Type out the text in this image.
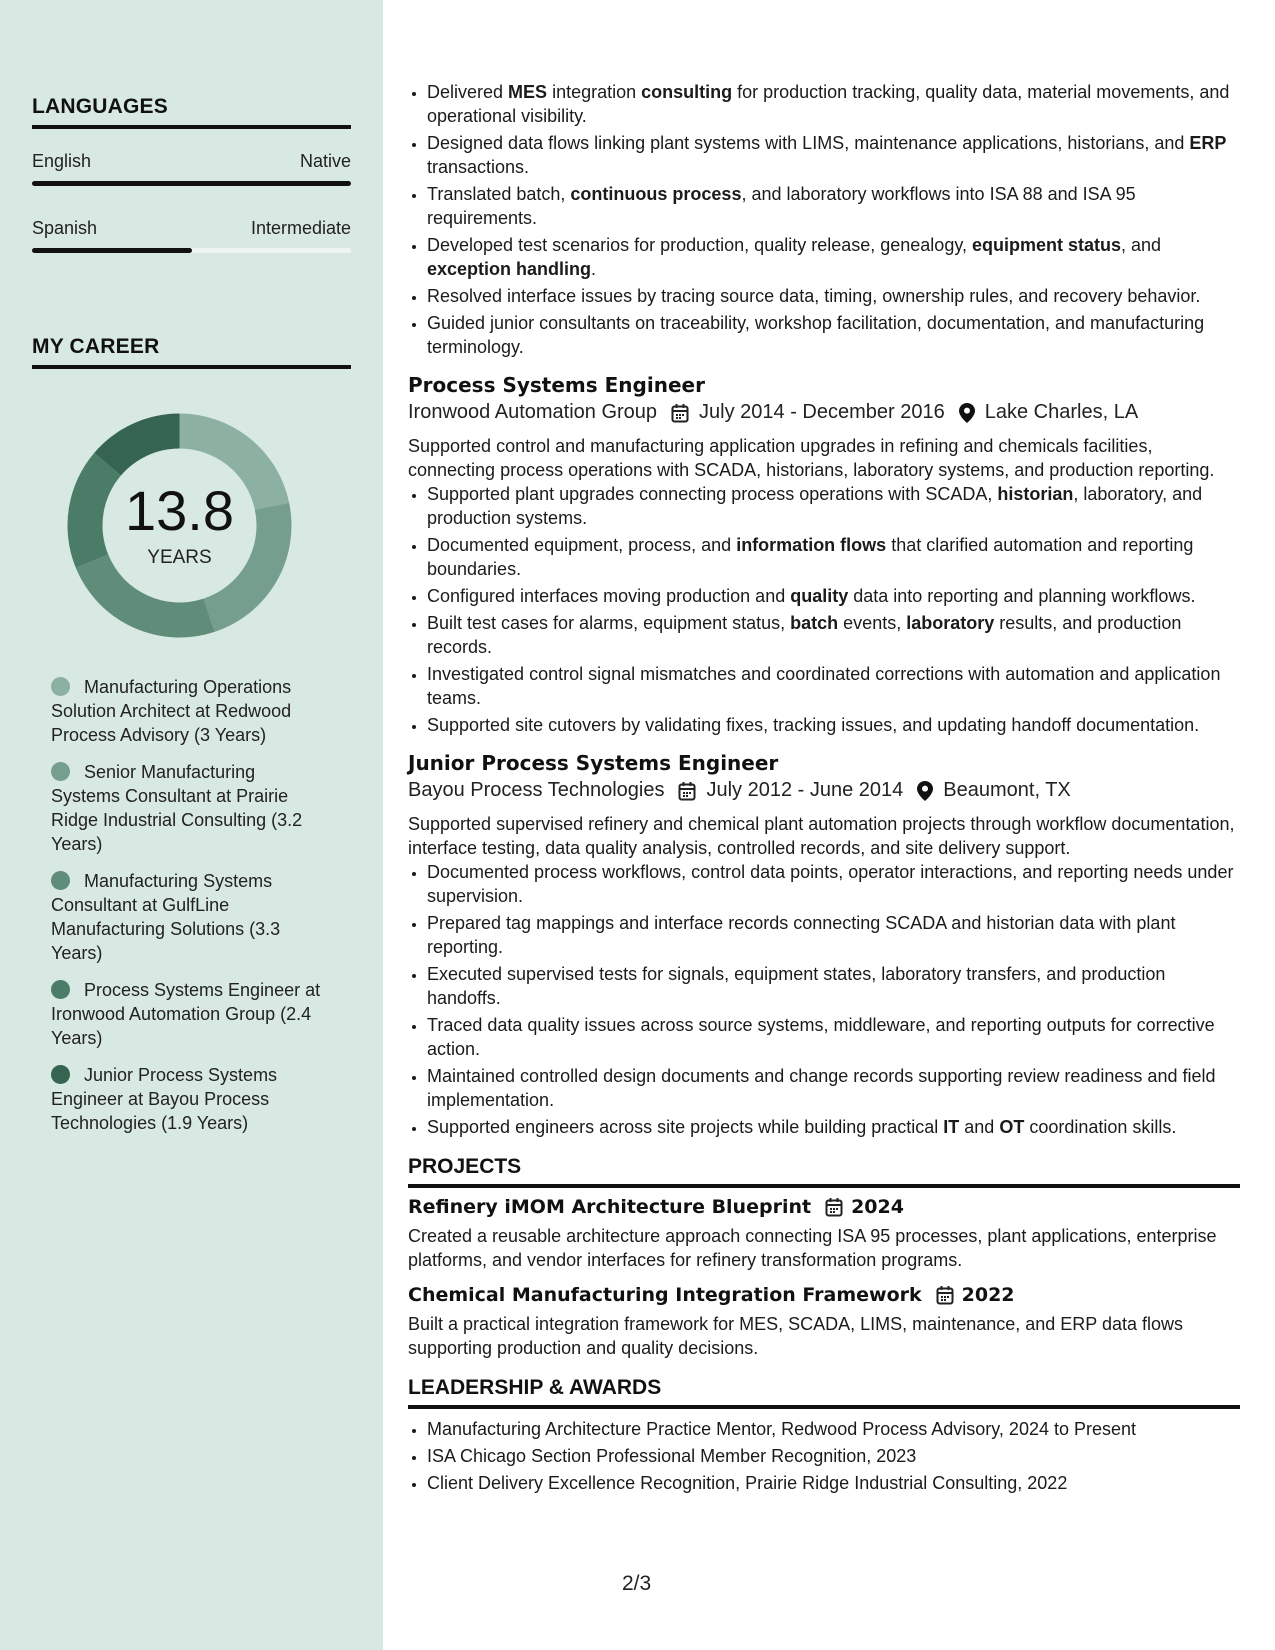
LANGUAGES
English	Native
Spanish	Intermediate
MY CAREER
13.8
YEARS
Manufacturing Operations Solution Architect at Redwood Process Advisory (3 Years)
Senior Manufacturing Systems Consultant at Prairie Ridge Industrial Consulting (3.2 Years)
Manufacturing Systems Consultant at GulfLine Manufacturing Solutions (3.3 Years)
Process Systems Engineer at Ironwood Automation Group (2.4 Years)
Junior Process Systems Engineer at Bayou Process Technologies (1.9 Years)
• Delivered MES integration consulting for production tracking, quality data, material movements, and operational visibility.
• Designed data flows linking plant systems with LIMS, maintenance applications, historians, and ERP transactions.
• Translated batch, continuous process, and laboratory workflows into ISA 88 and ISA 95 requirements.
• Developed test scenarios for production, quality release, genealogy, equipment status, and exception handling.
• Resolved interface issues by tracing source data, timing, ownership rules, and recovery behavior.
• Guided junior consultants on traceability, workshop facilitation, documentation, and manufacturing terminology.
Process Systems Engineer
Ironwood Automation Group July 2014 - December 2016 Lake Charles, LA

Supported control and manufacturing application upgrades in refining and chemicals facilities, connecting process operations with SCADA, historians, laboratory systems, and production reporting.

• Supported plant upgrades connecting process operations with SCADA, historian, laboratory, and production systems.
• Documented equipment, process, and information flows that clarified automation and reporting boundaries.
• Configured interfaces moving production and quality data into reporting and planning workflows.
• Built test cases for alarms, equipment status, batch events, laboratory results, and production records.
• Investigated control signal mismatches and coordinated corrections with automation and application teams.
• Supported site cutovers by validating fixes, tracking issues, and updating handoff documentation.
Junior Process Systems Engineer
Bayou Process Technologies July 2012 - June 2014 Beaumont, TX

Supported supervised refinery and chemical plant automation projects through workflow documentation, interface testing, data quality analysis, controlled records, and site delivery support.

• Documented process workflows, control data points, operator interactions, and reporting needs under supervision.
• Prepared tag mappings and interface records connecting SCADA and historian data with plant reporting.
• Executed supervised tests for signals, equipment states, laboratory transfers, and production handoffs.
• Traced data quality issues across source systems, middleware, and reporting outputs for corrective action.
• Maintained controlled design documents and change records supporting review readiness and field implementation.
• Supported engineers across site projects while building practical IT and OT coordination skills.
PROJECTS
Refinery iMOM Architecture Blueprint 2024

Created a reusable architecture approach connecting ISA 95 processes, plant applications, enterprise platforms, and vendor interfaces for refinery transformation programs.

Chemical Manufacturing Integration Framework 2022

Built a practical integration framework for MES, SCADA, LIMS, maintenance, and ERP data flows supporting production and quality decisions.

LEADERSHIP & AWARDS
• Manufacturing Architecture Practice Mentor, Redwood Process Advisory, 2024 to Present
• ISA Chicago Section Professional Member Recognition, 2023
• Client Delivery Excellence Recognition, Prairie Ridge Industrial Consulting, 2022
2/3
